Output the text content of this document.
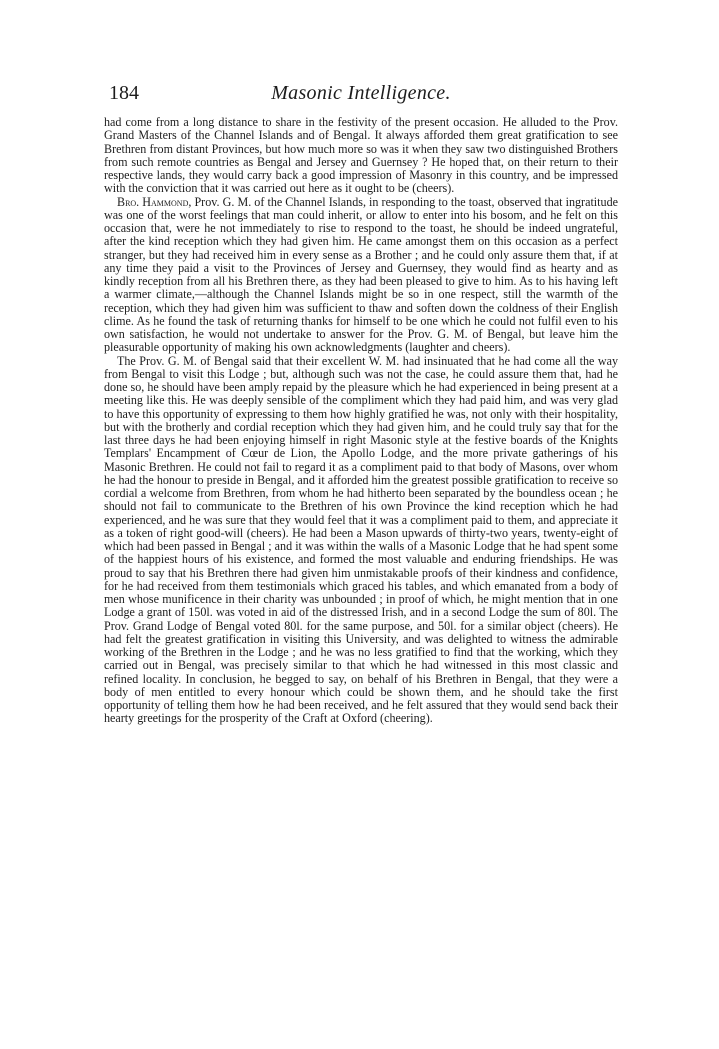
184	Masonic Intelligence.

had come from a long distance to share in the festivity of the present occasion. He alluded to the Prov. Grand Masters of the Channel Islands and of Bengal. It always afforded them great gratification to see Brethren from distant Provinces, but how much more so was it when they saw two distinguished Brothers from such remote countries as Bengal and Jersey and Guernsey ? He hoped that, on their return to their respective lands, they would carry back a good impression of Masonry in this country, and be impressed with the conviction that it was carried out here as it ought to be (cheers).

Bro. Hammond, Prov. G. M. of the Channel Islands, in responding to the toast, observed that ingratitude was one of the worst feelings that man could inherit, or allow to enter into his bosom, and he felt on this occasion that, were he not immediately to rise to respond to the toast, he should be indeed ungrateful, after the kind reception which they had given him. He came amongst them on this occasion as a perfect stranger, but they had received him in every sense as a Brother ; and he could only assure them that, if at any time they paid a visit to the Provinces of Jersey and Guernsey, they would find as hearty and as kindly reception from all his Brethren there, as they had been pleased to give to him. As to his having left a warmer climate,—although the Channel Islands might be so in one respect, still the warmth of the reception, which they had given him was sufficient to thaw and soften down the coldness of their English clime. As he found the task of returning thanks for himself to be one which he could not fulfil even to his own satisfaction, he would not undertake to answer for the Prov. G. M. of Bengal, but leave him the pleasurable opportunity of making his own acknowledgments (laughter and cheers).

The Prov. G. M. of Bengal said that their excellent W. M. had insinuated that he had come all the way from Bengal to visit this Lodge ; but, although such was not the case, he could assure them that, had he done so, he should have been amply repaid by the pleasure which he had experienced in being present at a meeting like this. He was deeply sensible of the compliment which they had paid him, and was very glad to have this opportunity of expressing to them how highly gratified he was, not only with their hospitality, but with the brotherly and cordial reception which they had given him, and he could truly say that for the last three days he had been enjoying himself in right Masonic style at the festive boards of the Knights Templars' Encampment of Cœur de Lion, the Apollo Lodge, and the more private gatherings of his Masonic Brethren. He could not fail to regard it as a compliment paid to that body of Masons, over whom he had the honour to preside in Bengal, and it afforded him the greatest possible gratification to receive so cordial a welcome from Brethren, from whom he had hitherto been separated by the boundless ocean ; he should not fail to communicate to the Brethren of his own Province the kind reception which he had experienced, and he was sure that they would feel that it was a compliment paid to them, and appreciate it as a token of right good-will (cheers). He had been a Mason upwards of thirty-two years, twenty-eight of which had been passed in Bengal ; and it was within the walls of a Masonic Lodge that he had spent some of the happiest hours of his existence, and formed the most valuable and enduring friendships. He was proud to say that his Brethren there had given him unmistakable proofs of their kindness and confidence, for he had received from them testimonials which graced his tables, and which emanated from a body of men whose munificence in their charity was unbounded ; in proof of which, he might mention that in one Lodge a grant of 150l. was voted in aid of the distressed Irish, and in a second Lodge the sum of 80l. The Prov. Grand Lodge of Bengal voted 80l. for the same purpose, and 50l. for a similar object (cheers). He had felt the greatest gratification in visiting this University, and was delighted to witness the admirable working of the Brethren in the Lodge ; and he was no less gratified to find that the working, which they carried out in Bengal, was precisely similar to that which he had witnessed in this most classic and refined locality. In conclusion, he begged to say, on behalf of his Brethren in Bengal, that they were a body of men entitled to every honour which could be shown them, and he should take the first opportunity of telling them how he had been received, and he felt assured that they would send back their hearty greetings for the prosperity of the Craft at Oxford (cheering).
